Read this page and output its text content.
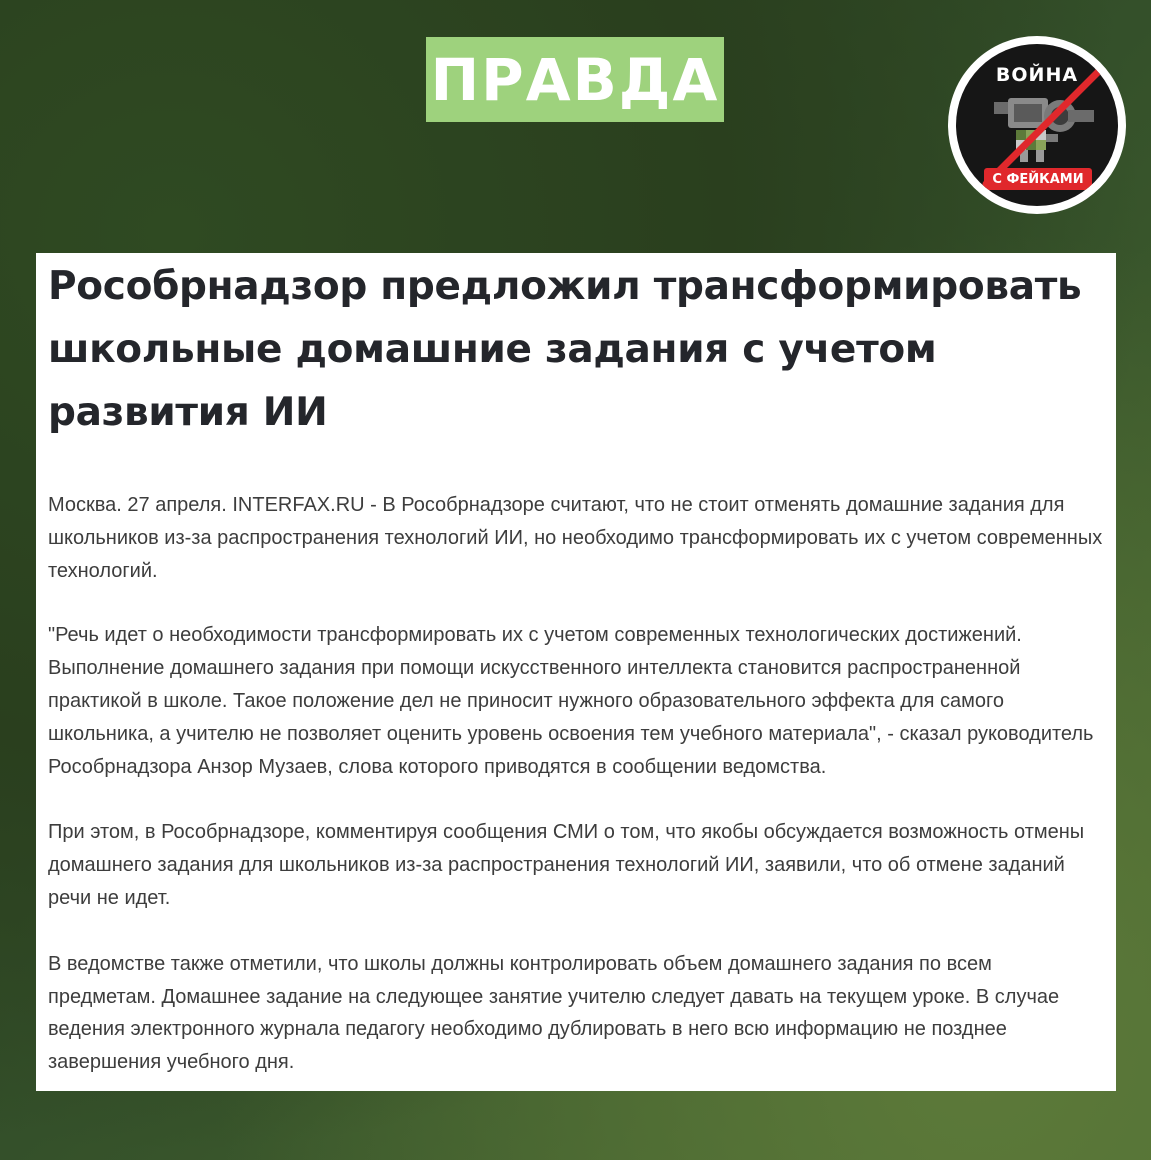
ПРАВДА	ВОЙНА
С ФЕЙКАМИ
Рособрнадзор предложил трансформировать школьные домашние задания с учетом развития ИИ

Москва. 27 апреля. INTERFAX.RU - В Рособрнадзоре считают, что не стоит отменять домашние задания для школьников из-за распространения технологий ИИ, но необходимо трансформировать их с учетом современных технологий.

"Речь идет о необходимости трансформировать их с учетом современных технологических достижений. Выполнение домашнего задания при помощи искусственного интеллекта становится распространенной практикой в школе. Такое положение дел не приносит нужного образовательного эффекта для самого школьника, а учителю не позволяет оценить уровень освоения тем учебного материала", - сказал руководитель Рособрнадзора Анзор Музаев, слова которого приводятся в сообщении ведомства.

При этом, в Рособрнадзоре, комментируя сообщения СМИ о том, что якобы обсуждается возможность отмены домашнего задания для школьников из-за распространения технологий ИИ, заявили, что об отмене заданий речи не идет.

В ведомстве также отметили, что школы должны контролировать объем домашнего задания по всем предметам. Домашнее задание на следующее занятие учителю следует давать на текущем уроке. В случае ведения электронного журнала педагогу необходимо дублировать в него всю информацию не позднее завершения учебного дня.
